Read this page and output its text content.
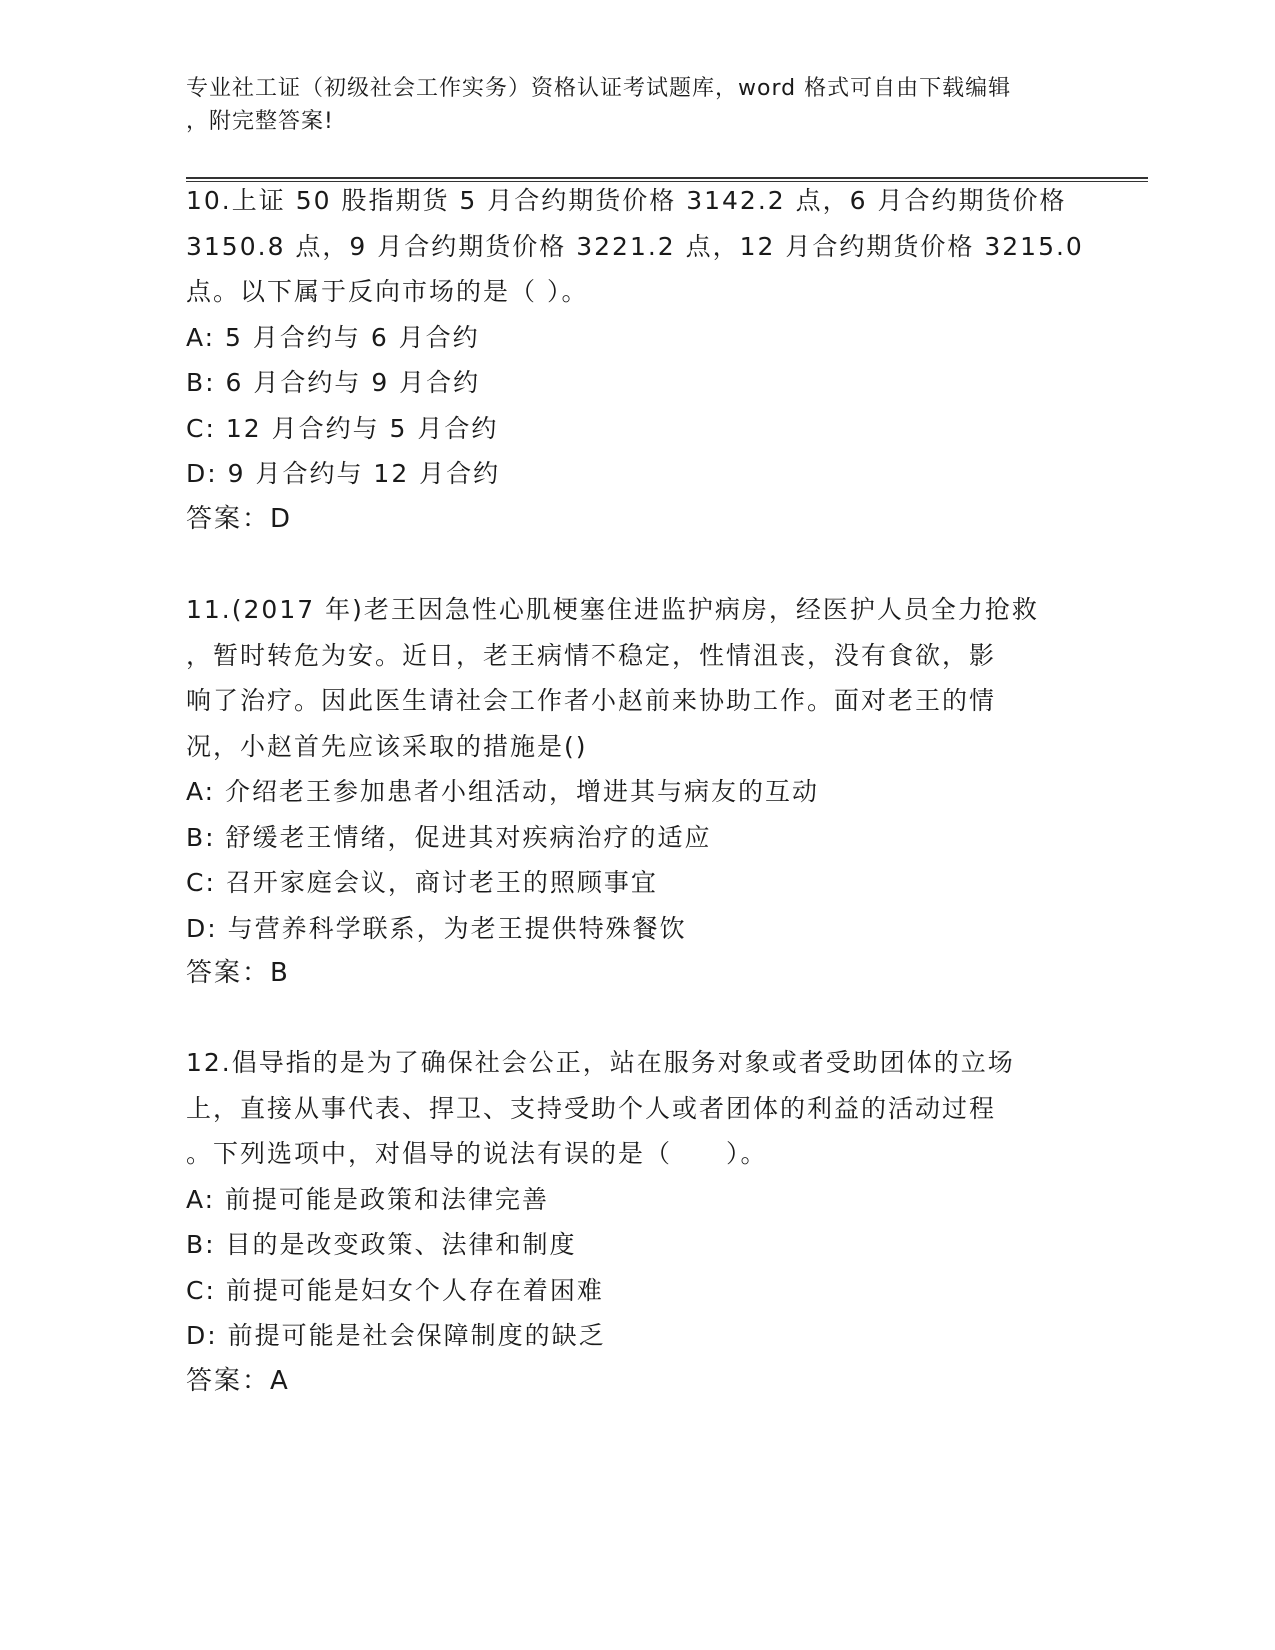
专业社工证（初级社会工作实务）资格认证考试题库，word 格式可自由下载编辑
，附完整答案!

10.上证 50 股指期货 5 月合约期货价格 3142.2 点，6 月合约期货价格

3150.8 点，9 月合约期货价格 3221.2 点，12 月合约期货价格 3215.0

点。以下属于反向市场的是（ ）。

A: 5 月合约与 6 月合约

B: 6 月合约与 9 月合约

C: 12 月合约与 5 月合约

D: 9 月合约与 12 月合约

答案：D

11.(2017 年)老王因急性心肌梗塞住进监护病房，经医护人员全力抢救

，暂时转危为安。近日，老王病情不稳定，性情沮丧，没有食欲，影

响了治疗。因此医生请社会工作者小赵前来协助工作。面对老王的情

况，小赵首先应该采取的措施是()

A: 介绍老王参加患者小组活动，增进其与病友的互动

B: 舒缓老王情绪，促进其对疾病治疗的适应

C: 召开家庭会议，商讨老王的照顾事宜

D: 与营养科学联系，为老王提供特殊餐饮

答案：B

12.倡导指的是为了确保社会公正，站在服务对象或者受助团体的立场

上，直接从事代表、捍卫、支持受助个人或者团体的利益的活动过程

。下列选项中，对倡导的说法有误的是（　　）。

A: 前提可能是政策和法律完善

B: 目的是改变政策、法律和制度

C: 前提可能是妇女个人存在着困难

D: 前提可能是社会保障制度的缺乏

答案：A
